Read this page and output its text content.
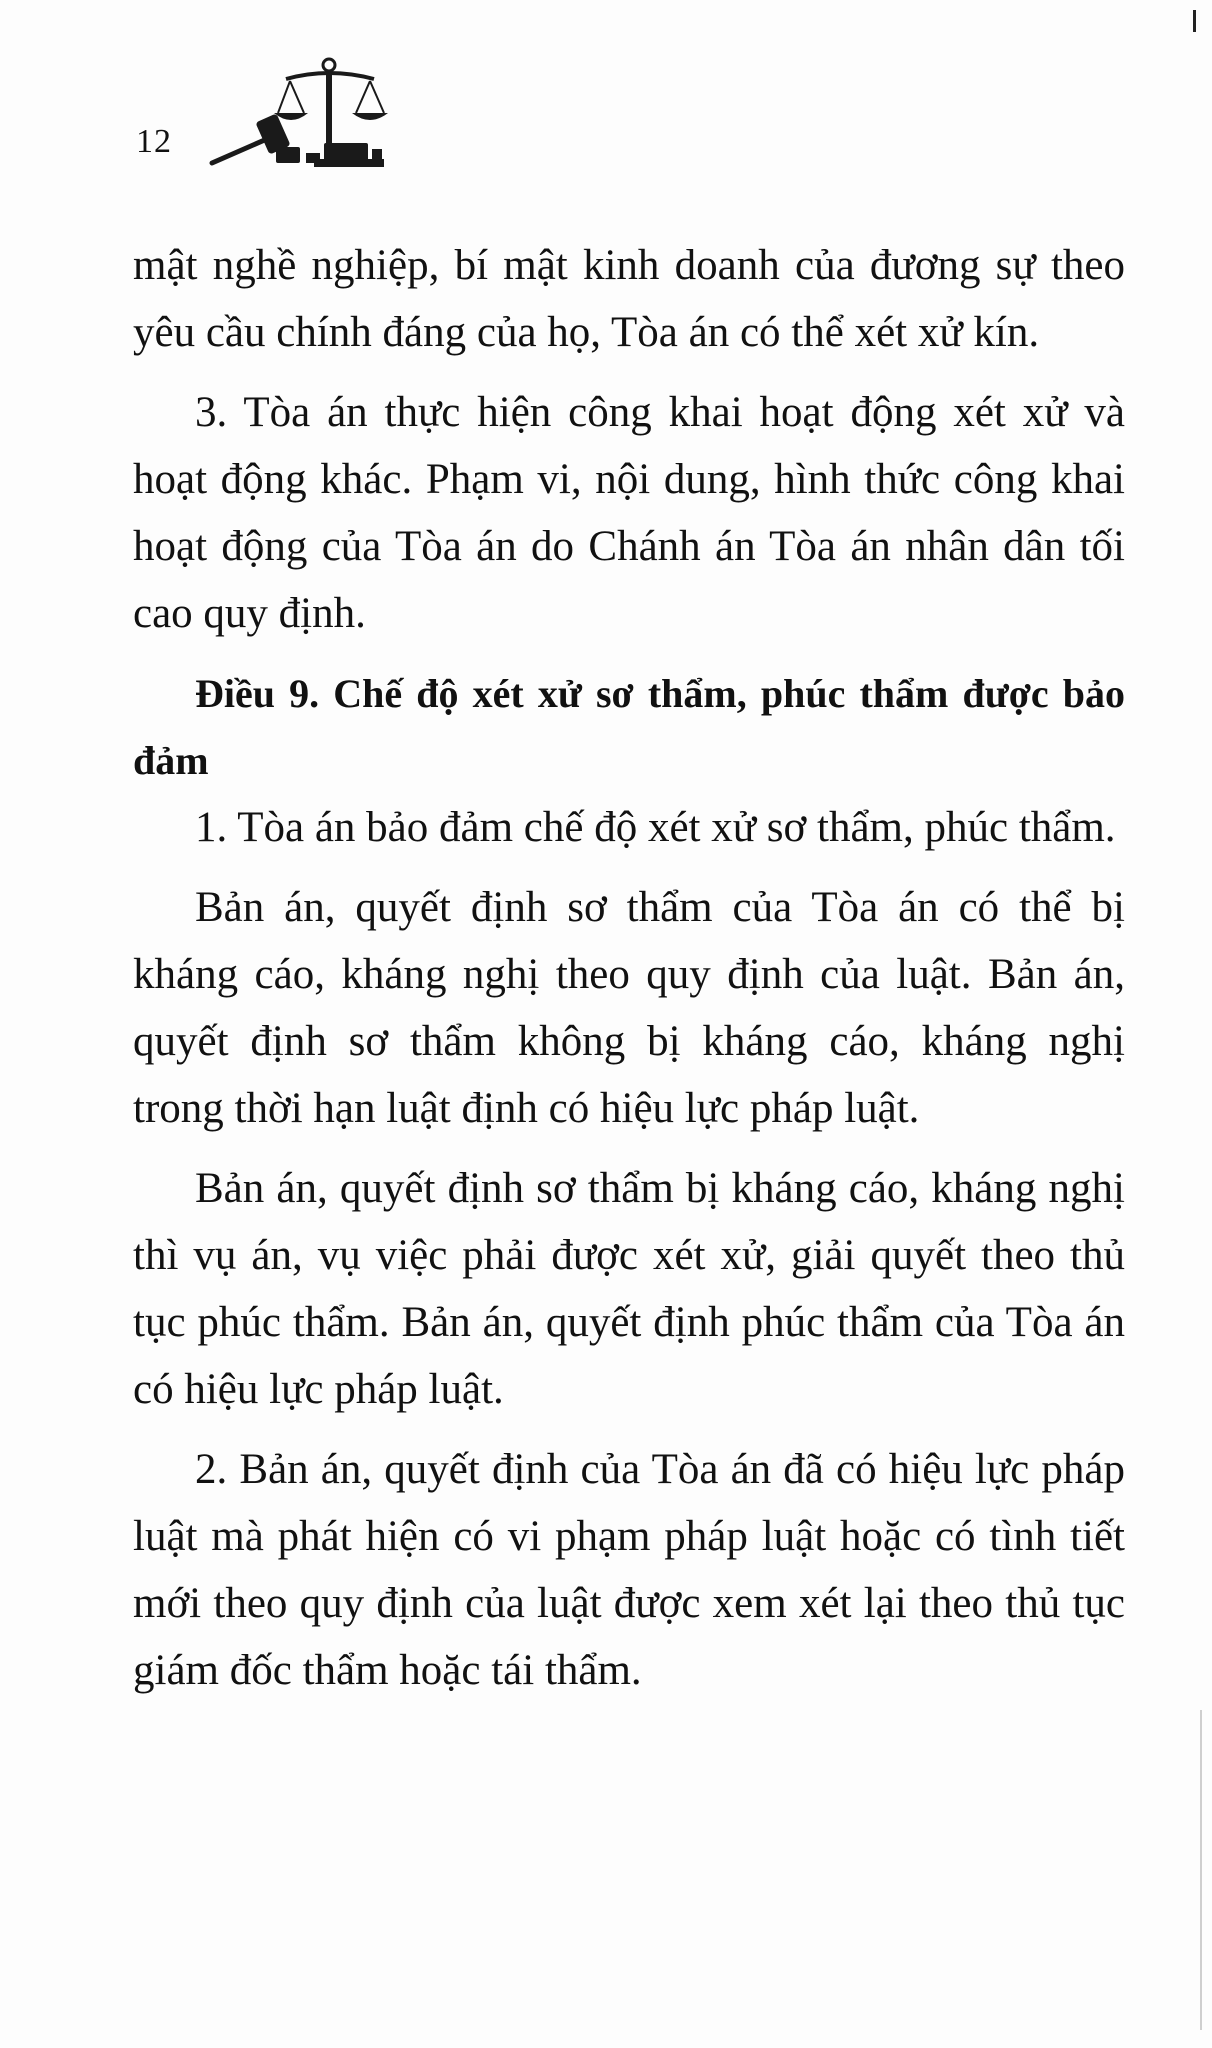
12

mật nghề nghiệp, bí mật kinh doanh của đương sự theo yêu cầu chính đáng của họ, Tòa án có thể xét xử kín.

3. Tòa án thực hiện công khai hoạt động xét xử và hoạt động khác. Phạm vi, nội dung, hình thức công khai hoạt động của Tòa án do Chánh án Tòa án nhân dân tối cao quy định.

Điều 9. Chế độ xét xử sơ thẩm, phúc thẩm được bảo đảm

1. Tòa án bảo đảm chế độ xét xử sơ thẩm, phúc thẩm.

Bản án, quyết định sơ thẩm của Tòa án có thể bị kháng cáo, kháng nghị theo quy định của luật. Bản án, quyết định sơ thẩm không bị kháng cáo, kháng nghị trong thời hạn luật định có hiệu lực pháp luật.

Bản án, quyết định sơ thẩm bị kháng cáo, kháng nghị thì vụ án, vụ việc phải được xét xử, giải quyết theo thủ tục phúc thẩm. Bản án, quyết định phúc thẩm của Tòa án có hiệu lực pháp luật.

2. Bản án, quyết định của Tòa án đã có hiệu lực pháp luật mà phát hiện có vi phạm pháp luật hoặc có tình tiết mới theo quy định của luật được xem xét lại theo thủ tục giám đốc thẩm hoặc tái thẩm.
